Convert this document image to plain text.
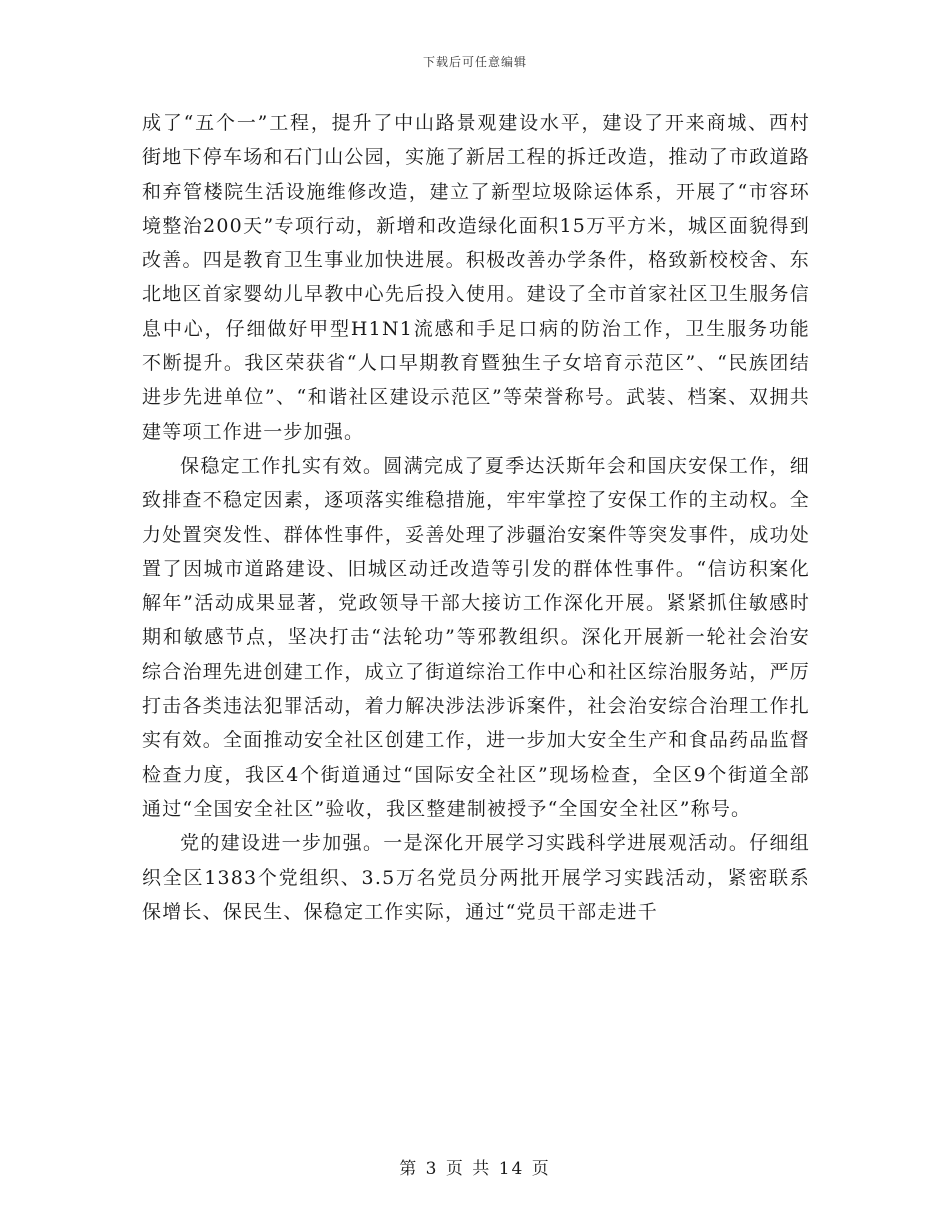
下载后可任意编辑

成了“五个一”工程，提升了中山路景观建设水平，建设了开来商城、西村街地下停车场和石门山公园，实施了新居工程的拆迁改造，推动了市政道路和弃管楼院生活设施维修改造，建立了新型垃圾除运体系，开展了“市容环境整治200天”专项行动，新增和改造绿化面积15万平方米，城区面貌得到改善。四是教育卫生事业加快进展。积极改善办学条件，格致新校校舍、东北地区首家婴幼儿早教中心先后投入使用。建设了全市首家社区卫生服务信息中心，仔细做好甲型H1N1流感和手足口病的防治工作，卫生服务功能不断提升。我区荣获省“人口早期教育暨独生子女培育示范区”、“民族团结进步先进单位”、“和谐社区建设示范区”等荣誉称号。武装、档案、双拥共建等项工作进一步加强。

保稳定工作扎实有效。圆满完成了夏季达沃斯年会和国庆安保工作，细致排查不稳定因素，逐项落实维稳措施，牢牢掌控了安保工作的主动权。全力处置突发性、群体性事件，妥善处理了涉疆治安案件等突发事件，成功处置了因城市道路建设、旧城区动迁改造等引发的群体性事件。“信访积案化解年”活动成果显著，党政领导干部大接访工作深化开展。紧紧抓住敏感时期和敏感节点，坚决打击“法轮功”等邪教组织。深化开展新一轮社会治安综合治理先进创建工作，成立了街道综治工作中心和社区综治服务站，严厉打击各类违法犯罪活动，着力解决涉法涉诉案件，社会治安综合治理工作扎实有效。全面推动安全社区创建工作，进一步加大安全生产和食品药品监督检查力度，我区4个街道通过“国际安全社区”现场检查，全区9个街道全部通过“全国安全社区”验收，我区整建制被授予“全国安全社区”称号。

党的建设进一步加强。一是深化开展学习实践科学进展观活动。仔细组织全区1383个党组织、3.5万名党员分两批开展学习实践活动，紧密联系保增长、保民生、保稳定工作实际，通过“党员干部走进千

第 3 页 共 14 页
